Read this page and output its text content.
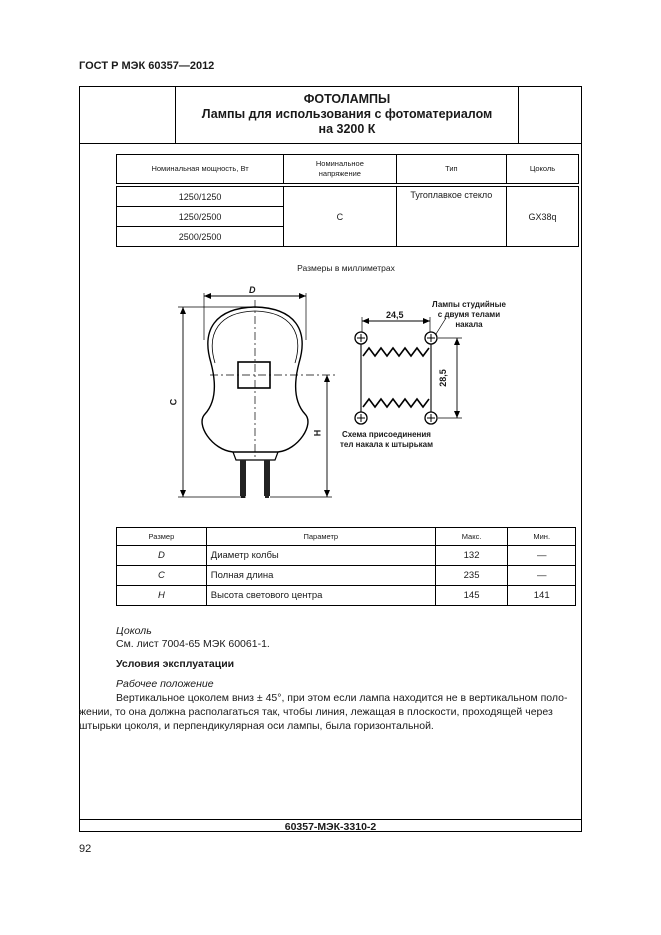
ГОСТ Р МЭК 60357—2012
ФОТОЛАМПЫ
Лампы для использования с фотоматериалом
на 3200 К
60357-МЭК-3310-2
Номинальная мощность, Вт	Номинальное
напряжение	Тип	Цоколь

1250/1250	C	Тугоплавкое стекло	GX38q
1250/2500			
2500/2500			
Размеры в миллиметрах
D
C
H
24,5
28,5
Лампы студийные
с двумя телами
накала
Схема присоединения
тел накала к штырькам
Размер	Параметр	Макс.	Мин.
D	Диаметр колбы	132	—
C	Полная длина	235	—
H	Высота светового центра	145	141
Цоколь
См. лист 7004-65 МЭК 60061-1.
Условия эксплуатации
Рабочее положение
Вертикальное цоколем вниз ± 45°, при этом если лампа находится не в вертикальном поло-
жении, то она должна располагаться так, чтобы линия, лежащая в плоскости, проходящей через
штырьки цоколя, и перпендикулярная оси лампы, была горизонтальной.
92
